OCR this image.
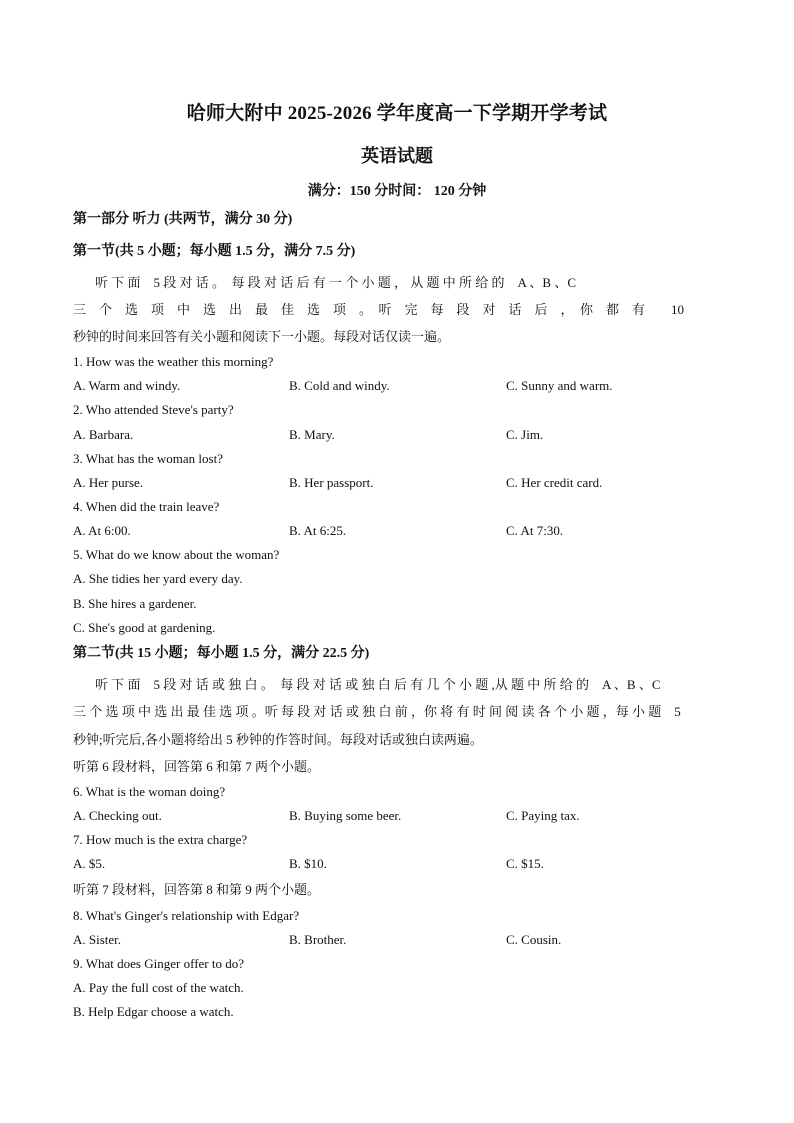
哈师大附中 2025-2026 学年度高一下学期开学考试
英语试题
满分：150 分时间： 120 分钟
第一部分 听力 (共两节，满分 30 分)
第一节(共 5 小题；每小题 1.5 分，满分 7.5 分)
听 下 面　5 段 对 话 。　每 段 对 话 后 有 一 个 小 题 ， 从 题 中 所 给 的　A 、B 、C
三　个　选　项　中　选　出　最　佳　选　项　。　听　完　每　段　对　话　后　，　你　都　有　　10
秒钟的时间来回答有关小题和阅读下一小题。每段对话仅读一遍。
1. How was the weather this morning?
A. Warm and windy.	B. Cold and windy.	C. Sunny and warm.
2. Who attended Steve's party?
A. Barbara.	B. Mary.	C. Jim.
3. What has the woman lost?
A. Her purse.	B. Her passport.	C. Her credit card.
4. When did the train leave?
A. At 6:00.	B. At 6:25.	C. At 7:30.
5. What do we know about the woman?
A. She tidies her yard every day.
B. She hires a gardener.
C. She's good at gardening.
第二节(共 15 小题；每小题 1.5 分，满分 22.5 分)
听 下 面　5 段 对 话 或 独 白 。　每 段 对 话 或 独 白 后 有 几 个 小 题 ,从 题 中 所 给 的　A 、B 、C
三 个 选 项 中 选 出 最 佳 选 项 。听 每 段 对 话 或 独 白 前 ，你 将 有 时 间 阅 读 各 个 小 题 ，每 小 题　5
秒钟;听完后,各小题将给出 5 秒钟的作答时间。每段对话或独白读两遍。
听第 6 段材料，回答第 6 和第 7 两个小题。
6. What is the woman doing?
A. Checking out.	B. Buying some beer.	C. Paying tax.
7. How much is the extra charge?
A. $5.	B. $10.	C. $15.
听第 7 段材料，回答第 8 和第 9 两个小题。
8. What's Ginger's relationship with Edgar?
A. Sister.	B. Brother.	C. Cousin.
9. What does Ginger offer to do?
A. Pay the full cost of the watch.
B. Help Edgar choose a watch.
